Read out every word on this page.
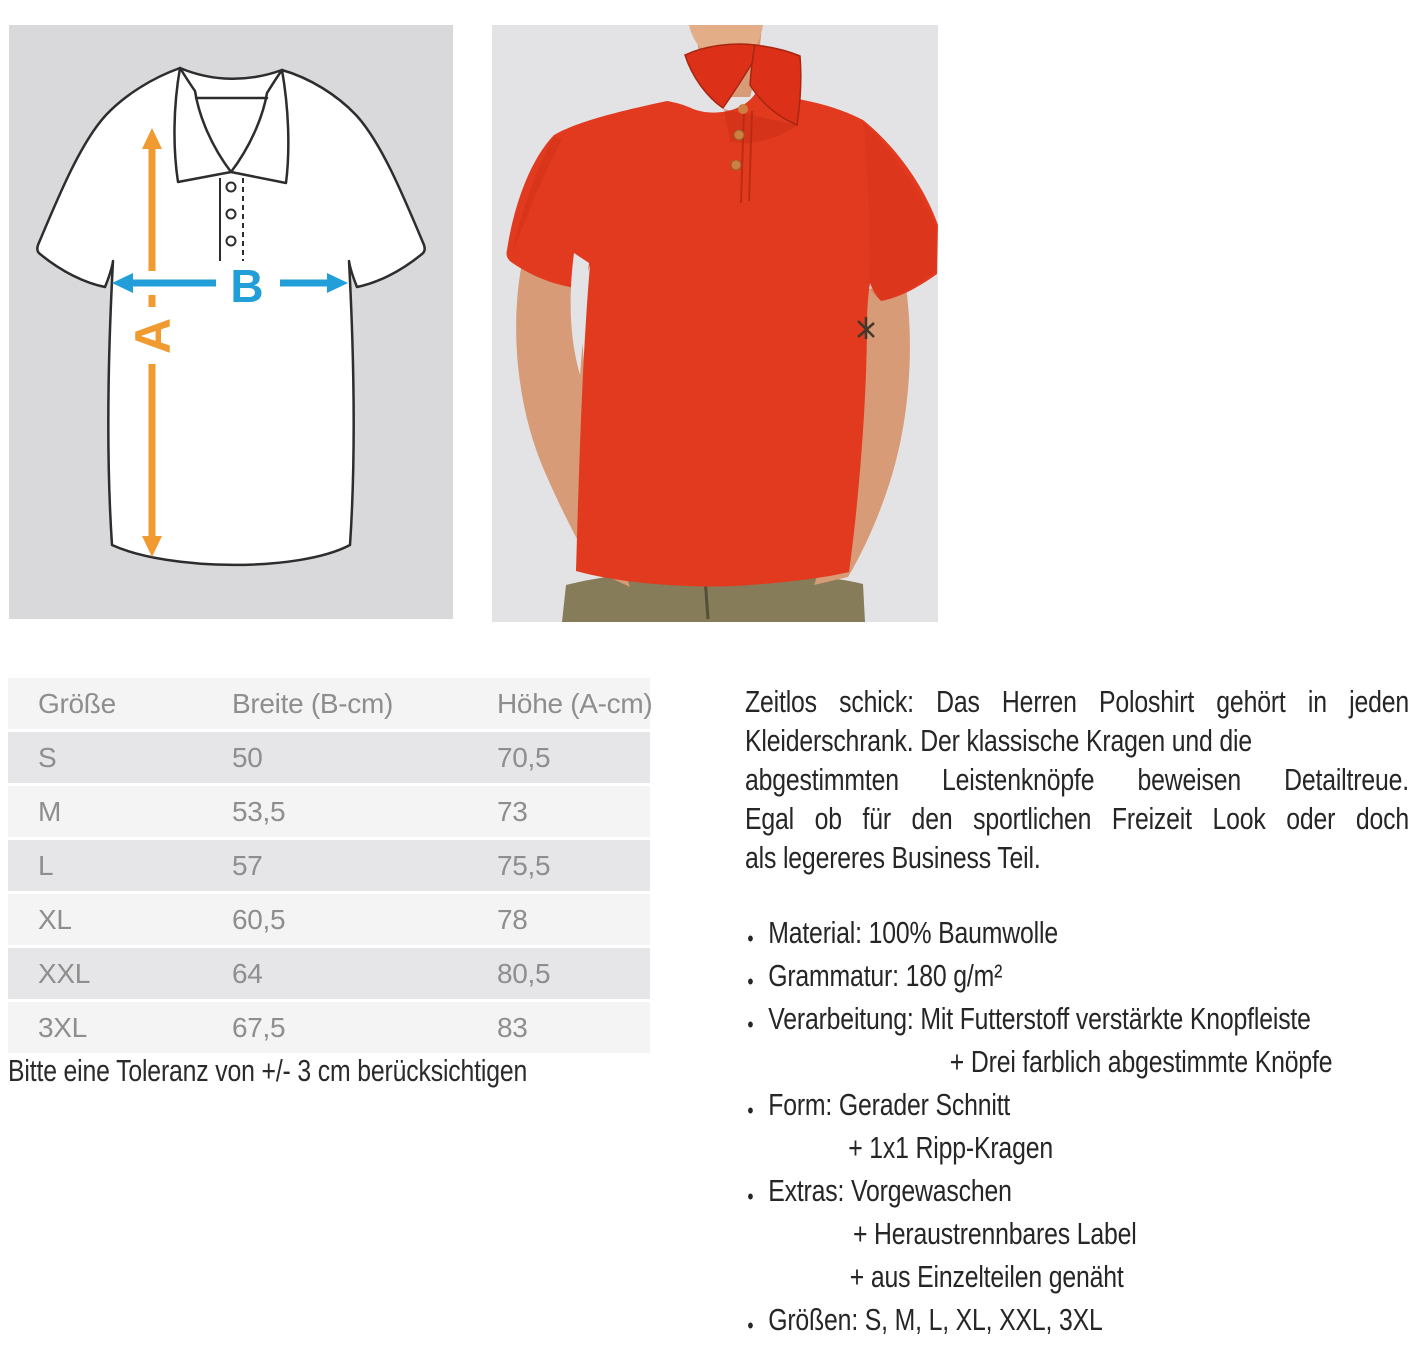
A
B
Größe	Breite (B-cm)	Höhe (A-cm)
S	50	70,5
M	53,5	73
L	57	75,5
XL	60,5	78
XXL	64	80,5
3XL	67,5	83
Bitte eine Toleranz von +/- 3 cm berücksichtigen
Zeitlos schick: Das Herren Poloshirt gehört in jeden
Kleiderschrank. Der klassische Kragen und die
abgestimmten Leistenknöpfe beweisen Detailtreue.
Egal ob für den sportlichen Freizeit Look oder doch
als legereres Business Teil.
• Material: 100% Baumwolle
• Grammatur: 180 g/m²
• Verarbeitung: Mit Futterstoff verstärkte Knopfleiste
+ Drei farblich abgestimmte Knöpfe
• Form: Gerader Schnitt
+ 1x1 Ripp-Kragen
• Extras: Vorgewaschen
+ Heraustrennbares Label
+ aus Einzelteilen genäht
• Größen: S, M, L, XL, XXL, 3XL
